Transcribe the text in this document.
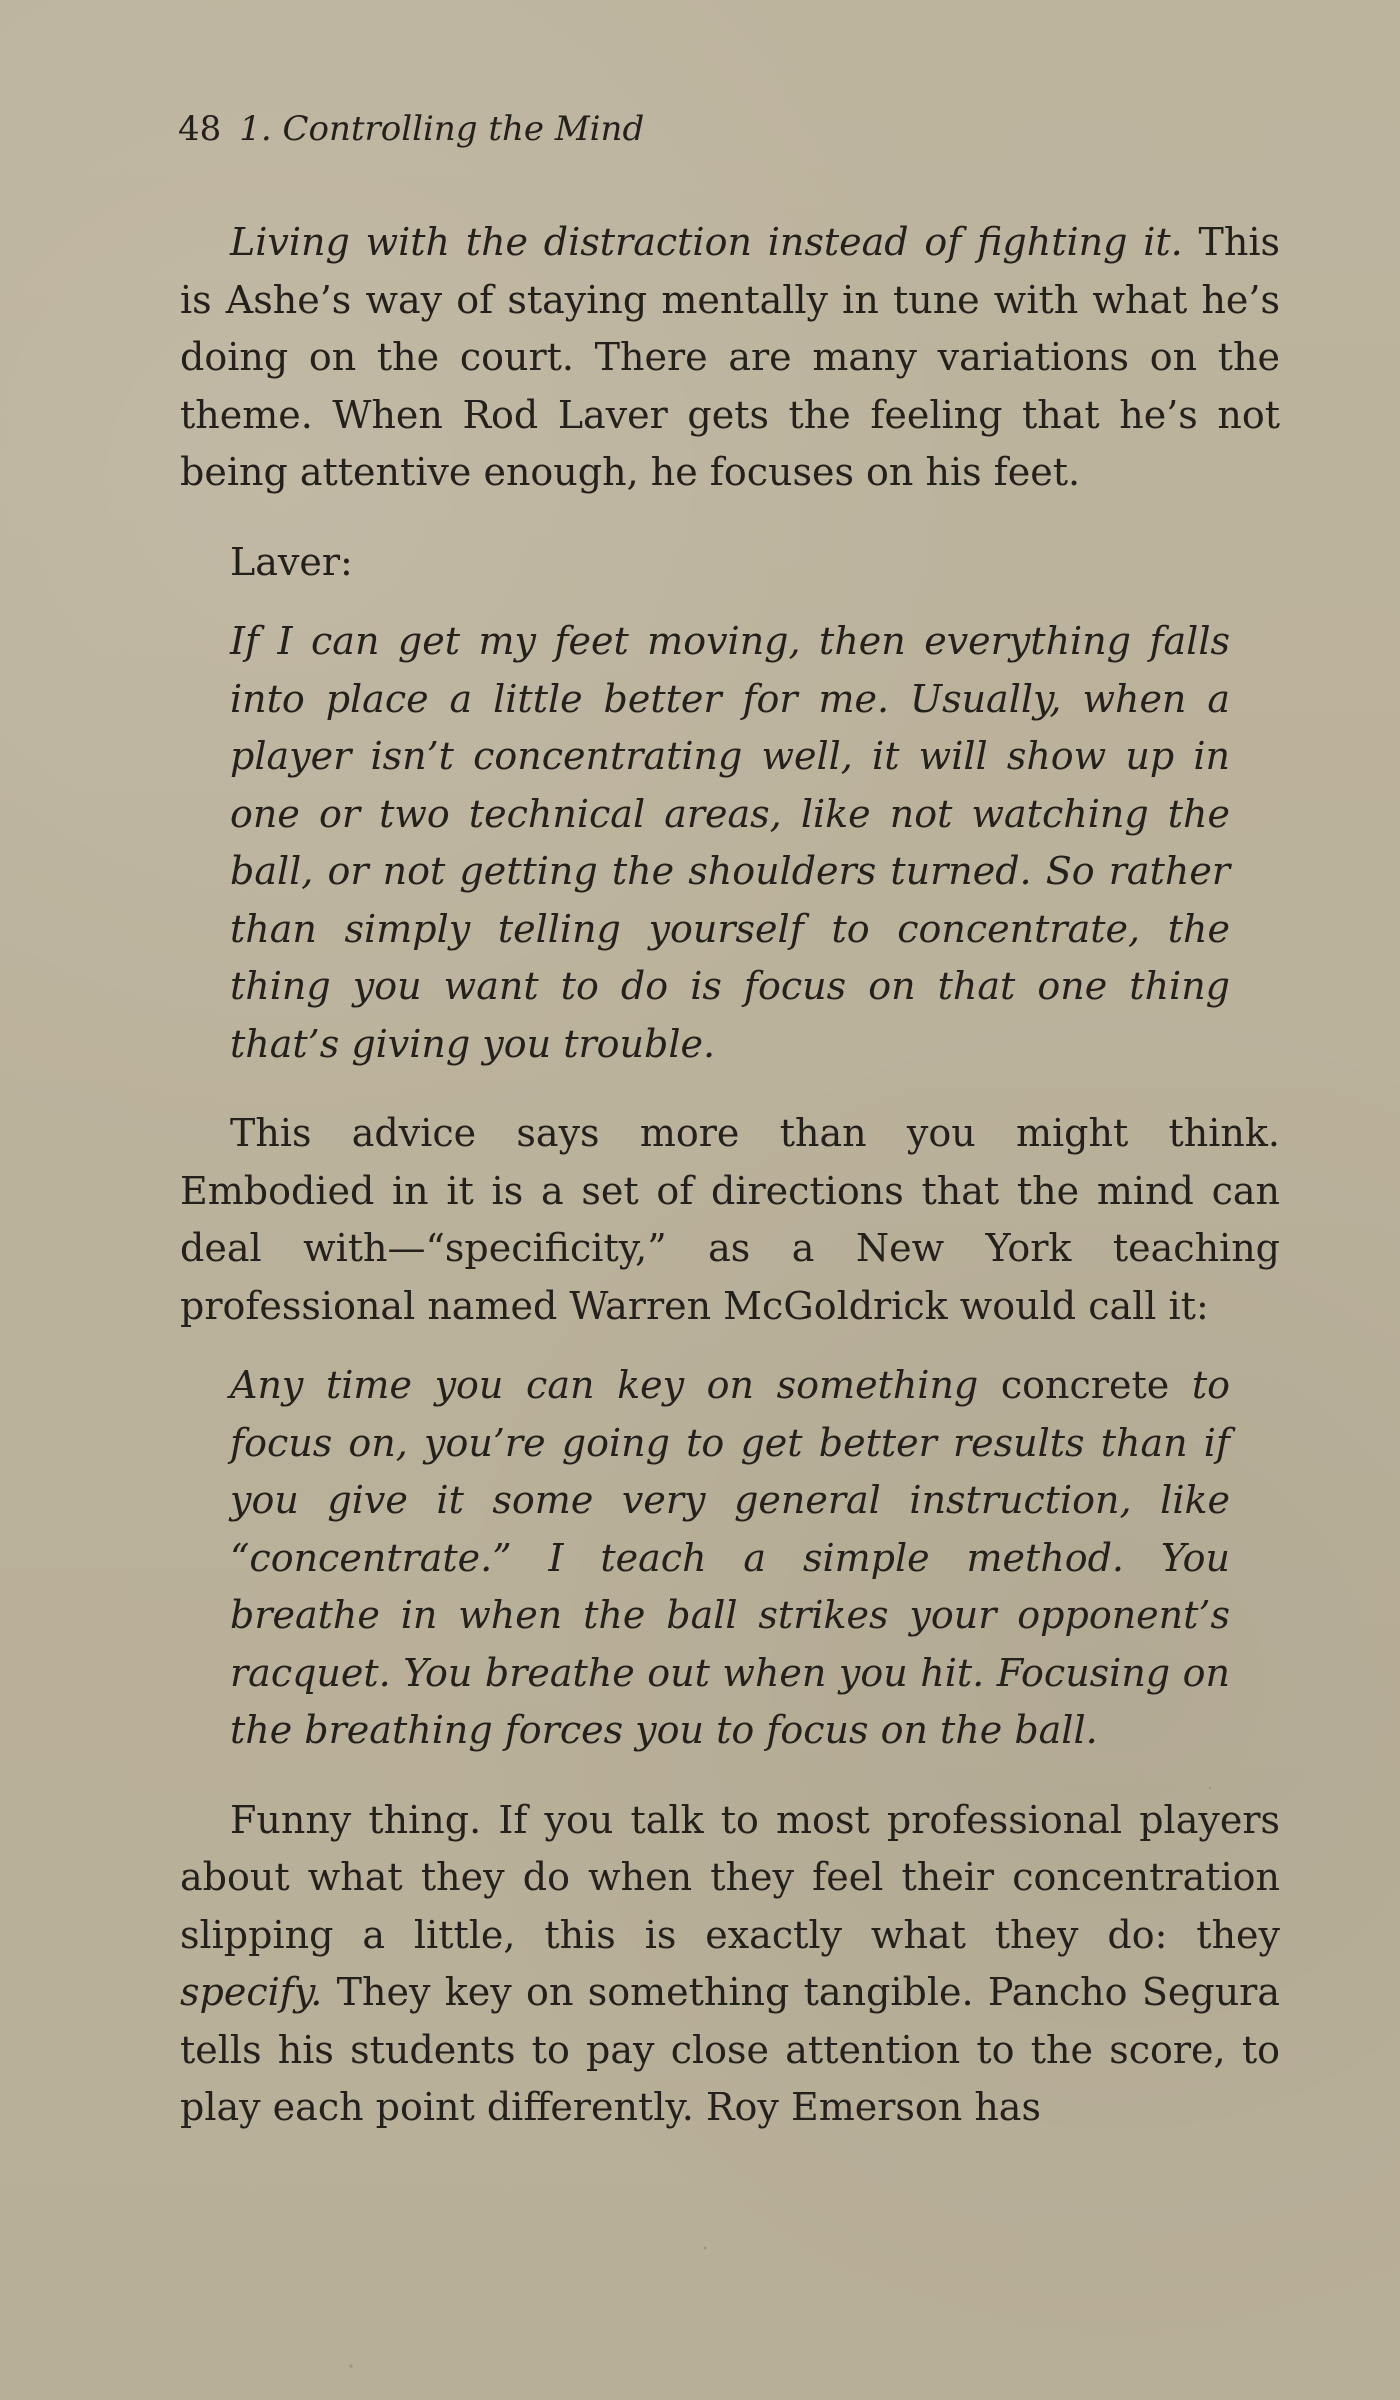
48 1. Controlling the Mind

Living with the distraction instead of fighting it. This is Ashe’s way of staying mentally in tune with what he’s doing on the court. There are many variations on the theme. When Rod Laver gets the feeling that he’s not being attentive enough, he focuses on his feet.

Laver:

If I can get my feet moving, then everything falls into place a little better for me. Usually, when a player isn’t concentrating well, it will show up in one or two technical areas, like not watching the ball, or not getting the shoulders turned. So rather than simply telling yourself to concentrate, the thing you want to do is focus on that one thing that’s giving you trouble.

This advice says more than you might think. Embodied in it is a set of directions that the mind can deal with—“specificity,” as a New York teaching professional named Warren McGoldrick would call it:

Any time you can key on something concrete to focus on, you’re going to get better results than if you give it some very general instruction, like “concentrate.” I teach a simple method. You breathe in when the ball strikes your opponent’s racquet. You breathe out when you hit. Focusing on the breathing forces you to focus on the ball.

Funny thing. If you talk to most professional players about what they do when they feel their concentration slipping a little, this is exactly what they do: they specify. They key on something tangible. Pancho Segura tells his students to pay close attention to the score, to play each point differently. Roy Emerson has
